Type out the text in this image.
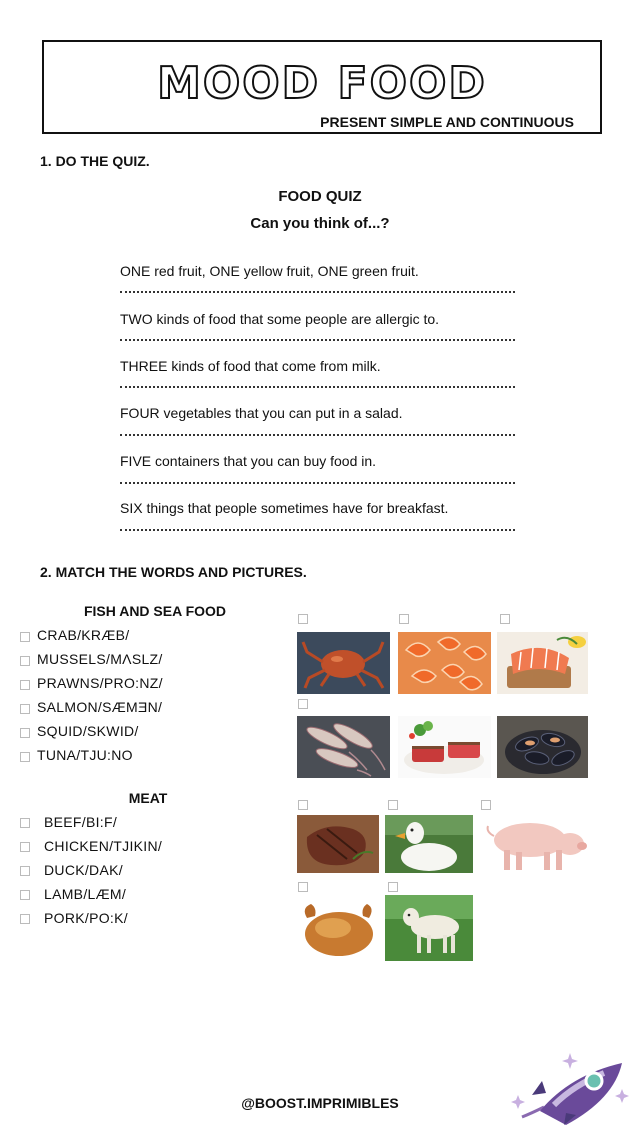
MOOD FOOD
PRESENT SIMPLE AND CONTINUOUS
1. DO THE QUIZ.
FOOD QUIZ
Can you think of...?
ONE red fruit, ONE yellow fruit, ONE green fruit.
TWO kinds of food that some people are allergic to.
THREE kinds of food that come from milk.
FOUR vegetables that you can put in a salad.
FIVE containers that you can buy food in.
SIX things that people sometimes have for breakfast.
2. MATCH THE WORDS AND PICTURES.
FISH AND SEA FOOD
CRAB/KRÆB/
MUSSELS/MɅSLZ/
PRAWNS/PRO:NZ/
SALMON/SÆMƎN/
SQUID/SKWID/
TUNA/TJU:NO
MEAT
BEEF/BI:F/
CHICKEN/TJIKIN/
DUCK/DAK/
LAMB/LÆM/
PORK/PO:K/
@BOOST.IMPRIMIBLES
